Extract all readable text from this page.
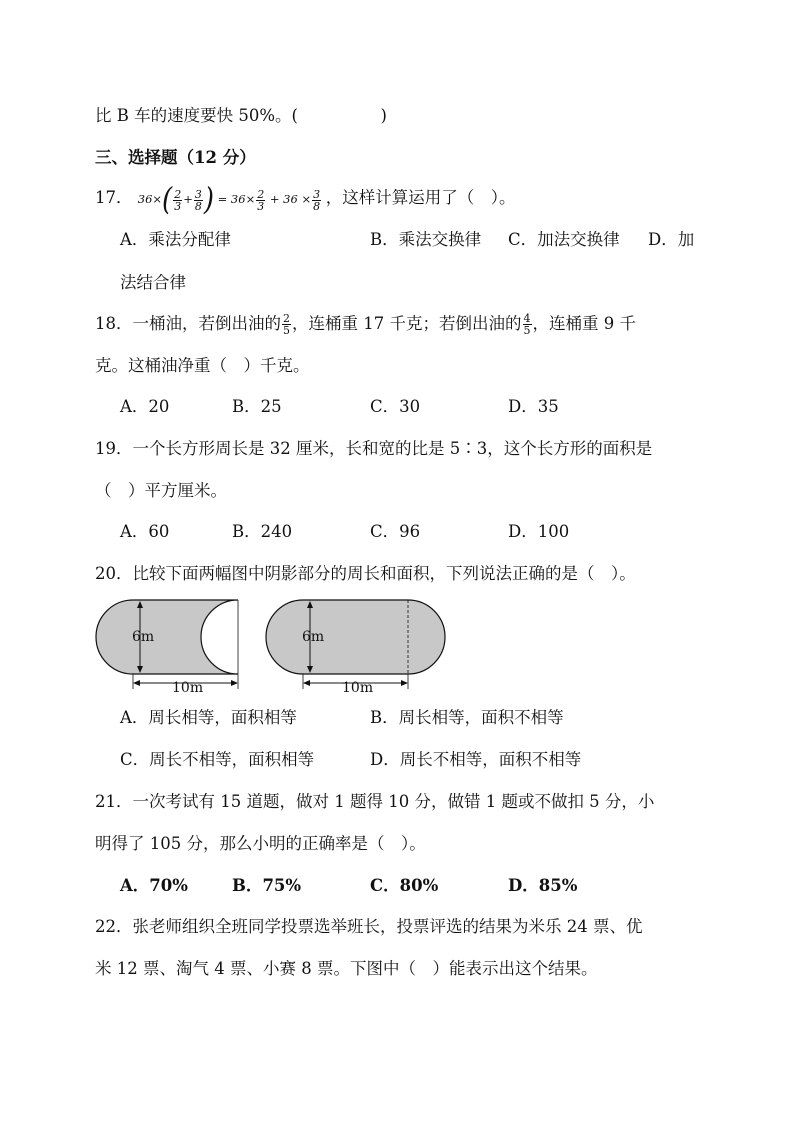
比 B 车的速度要快 50%。(　　　　　)
三、选择题（12 分）
17． $36\times( \frac{2}{3} + \frac{3}{8}$ ) = $36\times \frac{2}{3} + 36 \times \frac{3}{8}$ ，这样计算运用了（　）。
A．乘法分配律	B．乘法交换律 C．加法交换律 D．加
法结合律
18．一桶油，若倒出油的 $\frac{2}{5}$ ，连桶重 17 千克；若倒出油的 $\frac{4}{5}$ ，连桶重 9 千
克。这桶油净重（　）千克。
A．20	B．25	C．30	D．35
19．一个长方形周长是 32 厘米，长和宽的比是 5∶3，这个长方形的面积是
（　）平方厘米。
A．60	B．240	C．96	D．100
20．比较下面两幅图中阴影部分的周长和面积，下列说法正确的是（　）。
6m
10m
6m
10m
A．周长相等，面积相等	B．周长相等，面积不相等
C．周长不相等，面积相等	D．周长不相等，面积不相等
21．一次考试有 15 道题，做对 1 题得 10 分，做错 1 题或不做扣 5 分，小
明得了 105 分，那么小明的正确率是（　）。
A．70%	B．75%	C．80%	D．85%
22．张老师组织全班同学投票选举班长，投票评选的结果为米乐 24 票、优
米 12 票、淘气 4 票、小赛 8 票。下图中（　）能表示出这个结果。
